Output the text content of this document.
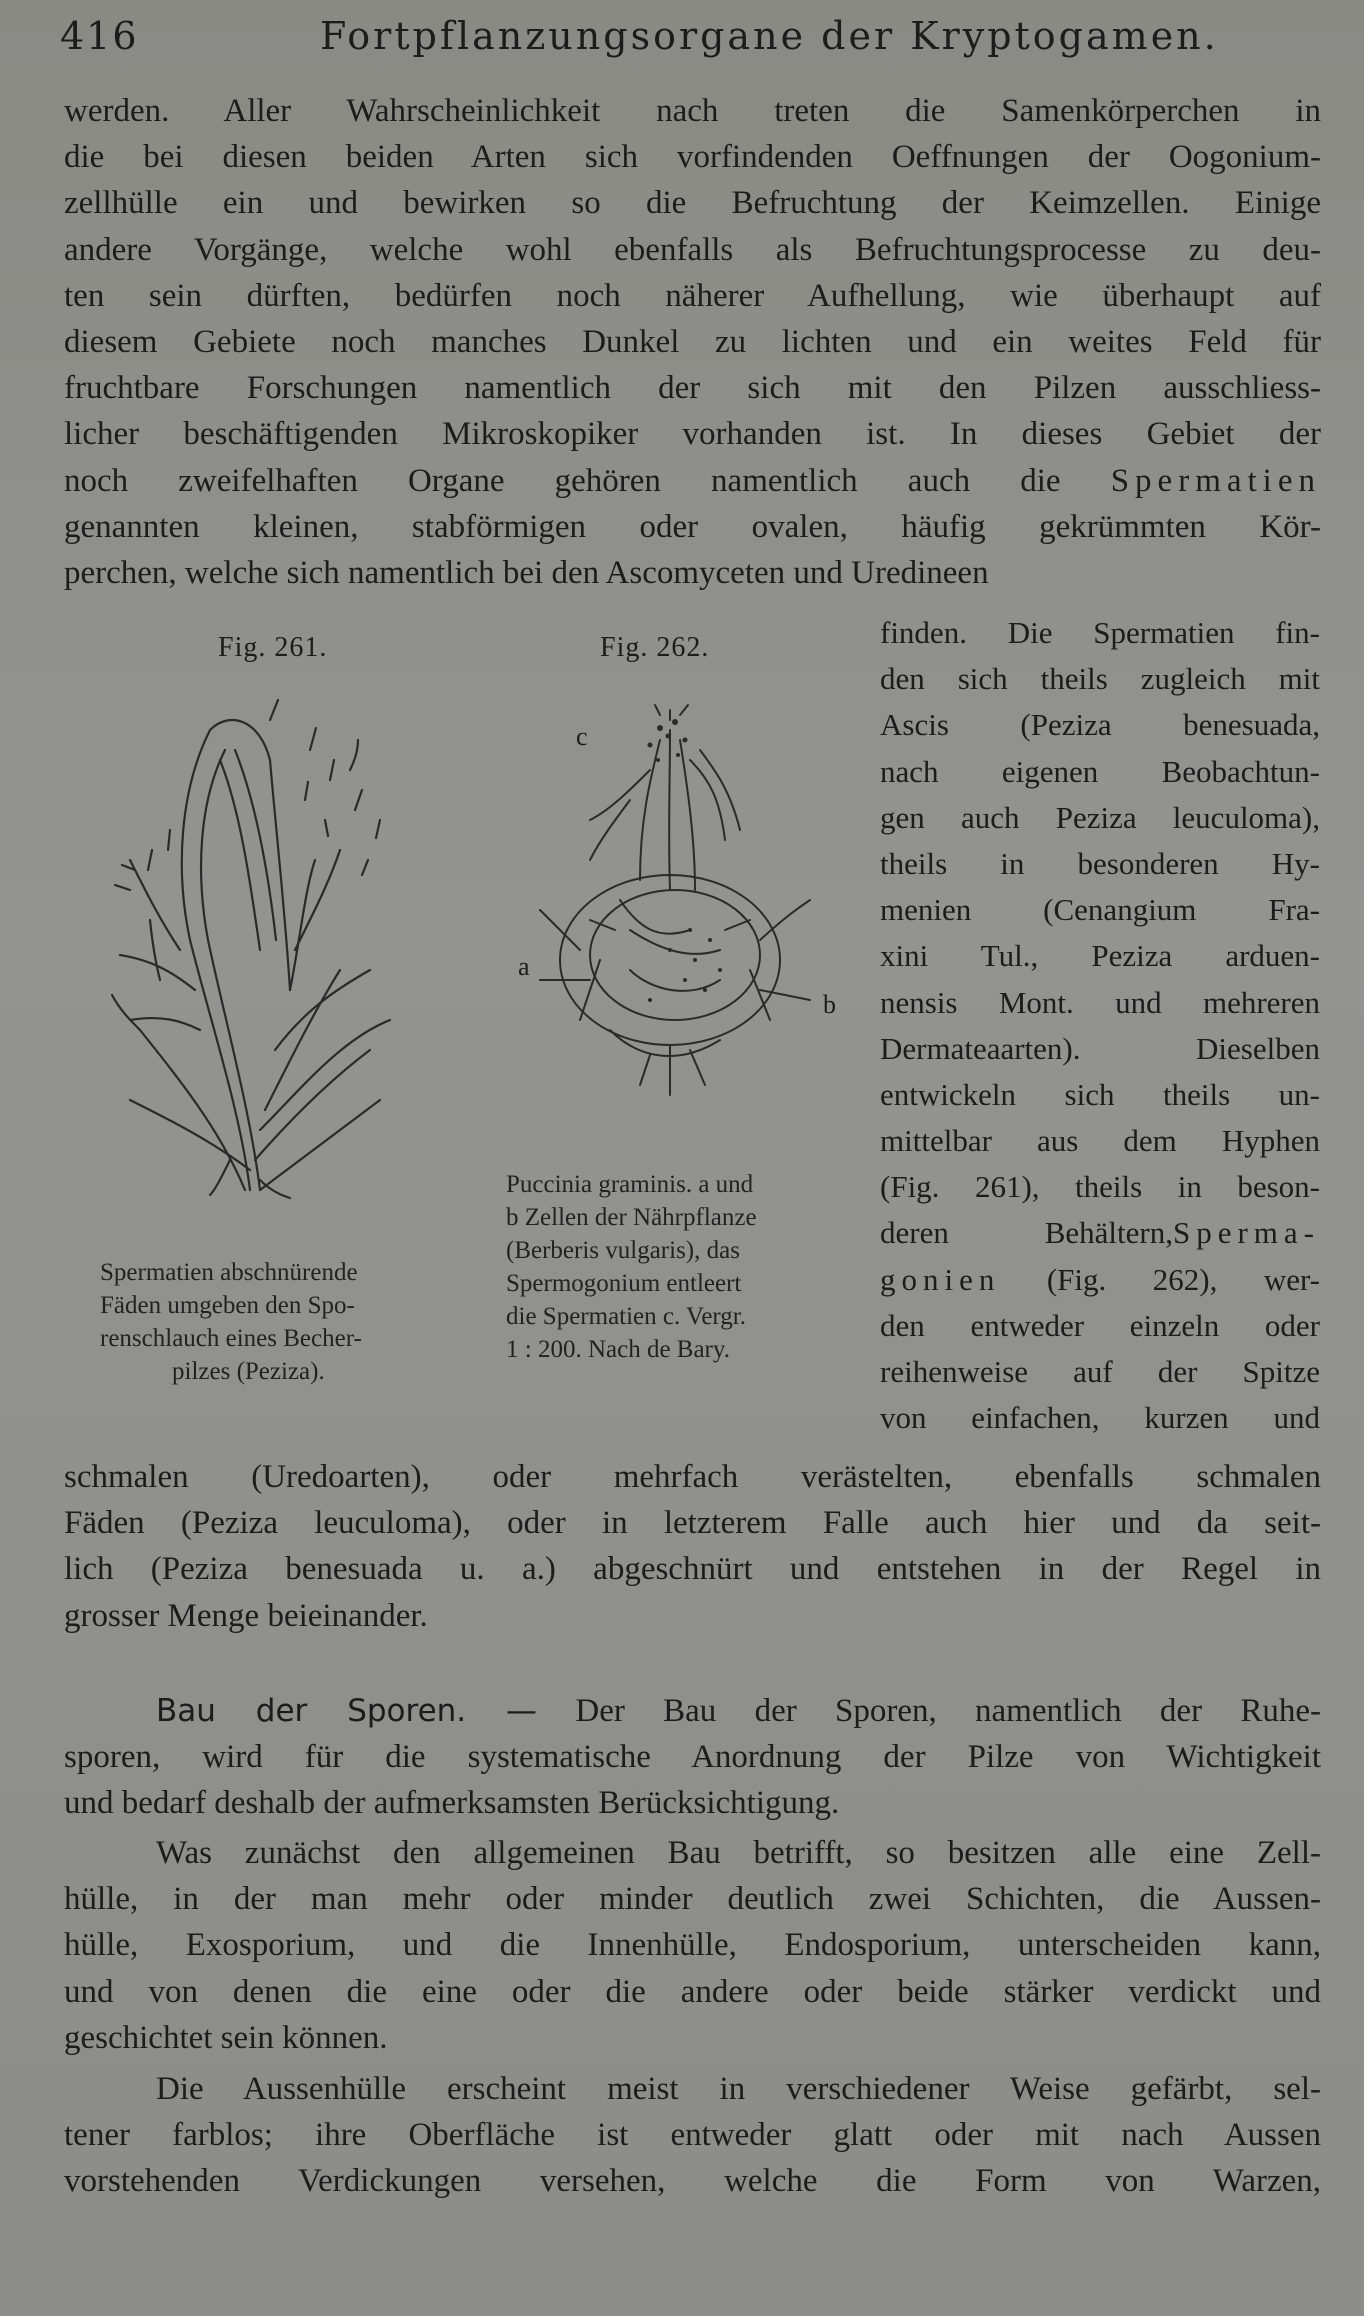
416	Fortpflanzungsorgane der Kryptogamen.
werden. Aller Wahrscheinlichkeit nach treten die Samenkörperchen in
die bei diesen beiden Arten sich vorfindenden Oeffnungen der Oogonium-
zellhülle ein und bewirken so die Befruchtung der Keimzellen. Einige
andere Vorgänge, welche wohl ebenfalls als Befruchtungsprocesse zu deu-
ten sein dürften, bedürfen noch näherer Aufhellung, wie überhaupt auf
diesem Gebiete noch manches Dunkel zu lichten und ein weites Feld für
fruchtbare Forschungen namentlich der sich mit den Pilzen ausschliess-
licher beschäftigenden Mikroskopiker vorhanden ist. In dieses Gebiet der
noch zweifelhaften Organe gehören namentlich auch die Spermatien
genannten kleinen, stabförmigen oder ovalen, häufig gekrümmten Kör-
perchen, welche sich namentlich bei den Ascomyceten und Uredineen
Fig. 261.
Spermatien abschnürende
Fäden umgeben den Spo-
renschlauch eines Becher-
pilzes (Peziza).
Fig. 262.
c
a
b
Puccinia graminis. a und
b Zellen der Nährpflanze
(Berberis vulgaris), das
Spermogonium entleert
die Spermatien c. Vergr.
1 : 200. Nach de Bary.
finden. Die Spermatien fin-
den sich theils zugleich mit
Ascis (Peziza benesuada,
nach eigenen Beobachtun-
gen auch Peziza leuculoma),
theils in besonderen Hy-
menien (Cenangium Fra-
xini Tul., Peziza arduen-
nensis Mont. und mehreren
Dermateaarten). Dieselben
entwickeln sich theils un-
mittelbar aus dem Hyphen
(Fig. 261), theils in beson-
deren Behältern,Sperma-
gonien (Fig. 262), wer-
den entweder einzeln oder
reihenweise auf der Spitze
von einfachen, kurzen und
schmalen (Uredoarten), oder mehrfach verästelten, ebenfalls schmalen
Fäden (Peziza leuculoma), oder in letzterem Falle auch hier und da seit-
lich (Peziza benesuada u. a.) abgeschnürt und entstehen in der Regel in
grosser Menge beieinander.
Bau der Sporen. — Der Bau der Sporen, namentlich der Ruhe-
sporen, wird für die systematische Anordnung der Pilze von Wichtigkeit
und bedarf deshalb der aufmerksamsten Berücksichtigung.
Was zunächst den allgemeinen Bau betrifft, so besitzen alle eine Zell-
hülle, in der man mehr oder minder deutlich zwei Schichten, die Aussen-
hülle, Exosporium, und die Innenhülle, Endosporium, unterscheiden kann,
und von denen die eine oder die andere oder beide stärker verdickt und
geschichtet sein können.
Die Aussenhülle erscheint meist in verschiedener Weise gefärbt, sel-
tener farblos; ihre Oberfläche ist entweder glatt oder mit nach Aussen
vorstehenden Verdickungen versehen, welche die Form von Warzen,
